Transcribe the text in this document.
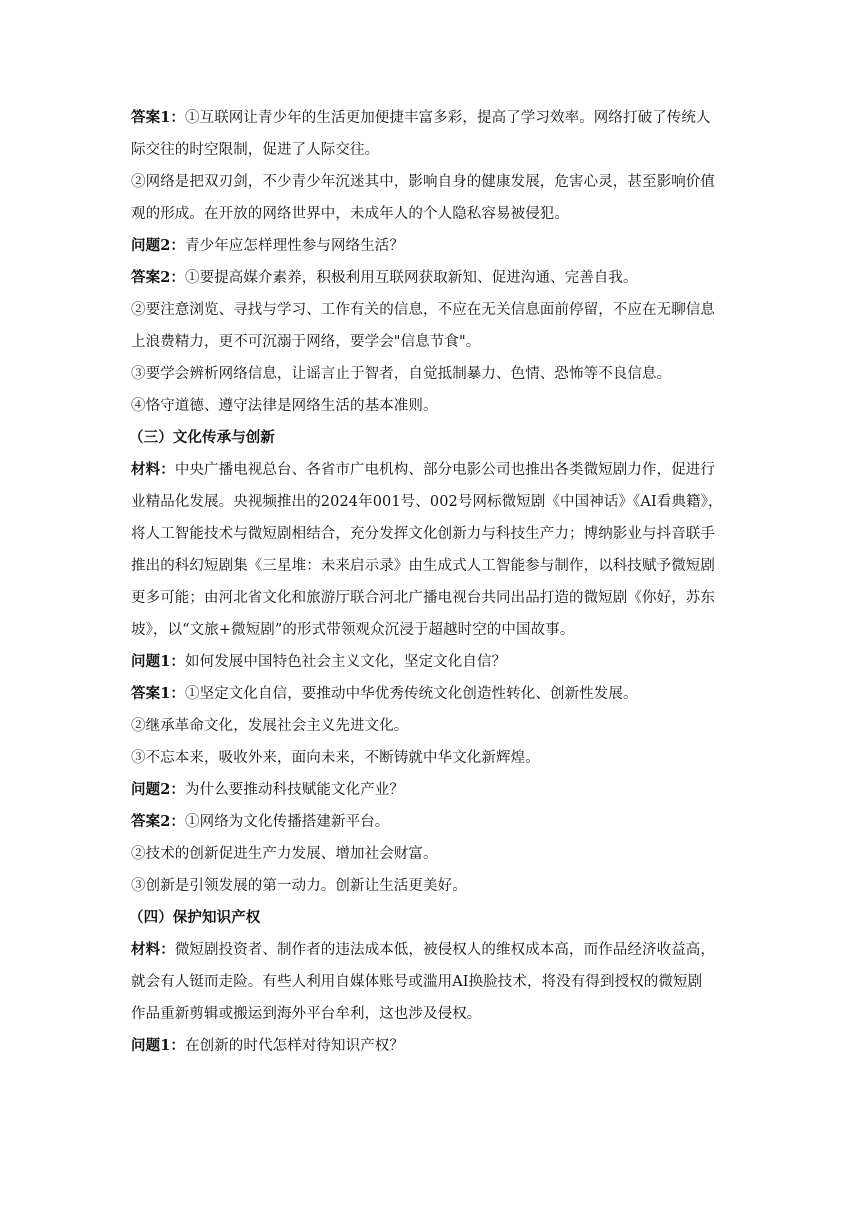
答案1：①互联网让青少年的生活更加便捷丰富多彩，提高了学习效率。网络打破了传统人
际交往的时空限制，促进了人际交往。
②网络是把双刃剑，不少青少年沉迷其中，影响自身的健康发展，危害心灵，甚至影响价值
观的形成。在开放的网络世界中，未成年人的个人隐私容易被侵犯。
问题2：青少年应怎样理性参与网络生活？
答案2：①要提高媒介素养，积极利用互联网获取新知、促进沟通、完善自我。
②要注意浏览、寻找与学习、工作有关的信息，不应在无关信息面前停留，不应在无聊信息
上浪费精力，更不可沉溺于网络，要学会"信息节食"。
③要学会辨析网络信息，让谣言止于智者，自觉抵制暴力、色情、恐怖等不良信息。
④恪守道德、遵守法律是网络生活的基本准则。
（三）文化传承与创新
材料：中央广播电视总台、各省市广电机构、部分电影公司也推出各类微短剧力作，促进行
业精品化发展。央视频推出的2024年001号、002号网标微短剧《中国神话》《AI看典籍》，
将人工智能技术与微短剧相结合，充分发挥文化创新力与科技生产力；博纳影业与抖音联手
推出的科幻短剧集《三星堆：未来启示录》由生成式人工智能参与制作，以科技赋予微短剧
更多可能；由河北省文化和旅游厅联合河北广播电视台共同出品打造的微短剧《你好，苏东
坡》，以“文旅+微短剧”的形式带领观众沉浸于超越时空的中国故事。
问题1：如何发展中国特色社会主义文化，坚定文化自信？
答案1：①坚定文化自信，要推动中华优秀传统文化创造性转化、创新性发展。
②继承革命文化，发展社会主义先进文化。
③不忘本来，吸收外来，面向未来，不断铸就中华文化新辉煌。
问题2：为什么要推动科技赋能文化产业？
答案2：①网络为文化传播搭建新平台。
②技术的创新促进生产力发展、增加社会财富。
③创新是引领发展的第一动力。创新让生活更美好。
（四）保护知识产权
材料：微短剧投资者、制作者的违法成本低，被侵权人的维权成本高，而作品经济收益高，
就会有人铤而走险。有些人利用自媒体账号或滥用AI换脸技术，将没有得到授权的微短剧
作品重新剪辑或搬运到海外平台牟利，这也涉及侵权。
问题1：在创新的时代怎样对待知识产权？
